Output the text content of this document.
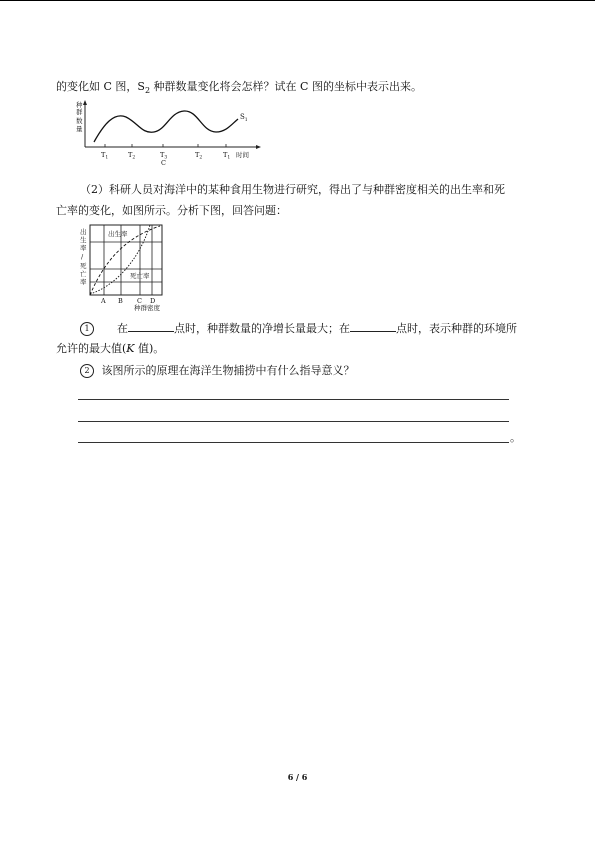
的变化如 C 图，$S_2$ 种群数量变化将会怎样？试在 C 图的坐标中表示出来。
种
群
数
量
$S_1$
$T_1$	$T_2$	$T_3$	$T_2$	$T_1$ 时间
C
（2）科研人员对海洋中的某种食用生物进行研究，得出了与种群密度相关的出生率和死
亡率的变化，如图所示。分析下图，回答问题：
出
生
率
/
死
亡
率
出生率
死亡率
A B C D
种群密度
1 在	点时，种群数量的净增长量最大；在	点时，表示种群的环境所
允许的最大值(K 值)。
2 该图所示的原理在海洋生物捕捞中有什么指导意义？
。
6 / 6
